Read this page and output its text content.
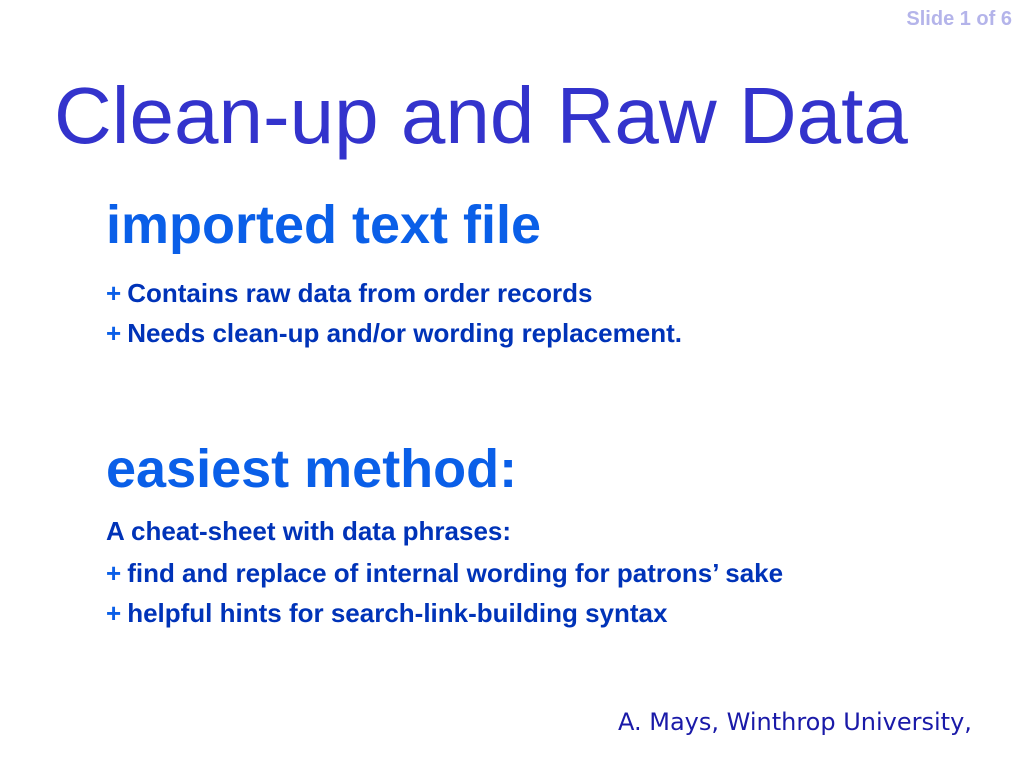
Slide 1 of 6
Clean-up and Raw Data
imported text file
+ Contains raw data from order records
+ Needs clean-up and/or wording replacement.
easiest method:
A cheat-sheet with data phrases:
+ find and replace of internal wording for patrons’ sake
+ helpful hints for search-link-building syntax
A. Mays, Winthrop University,
